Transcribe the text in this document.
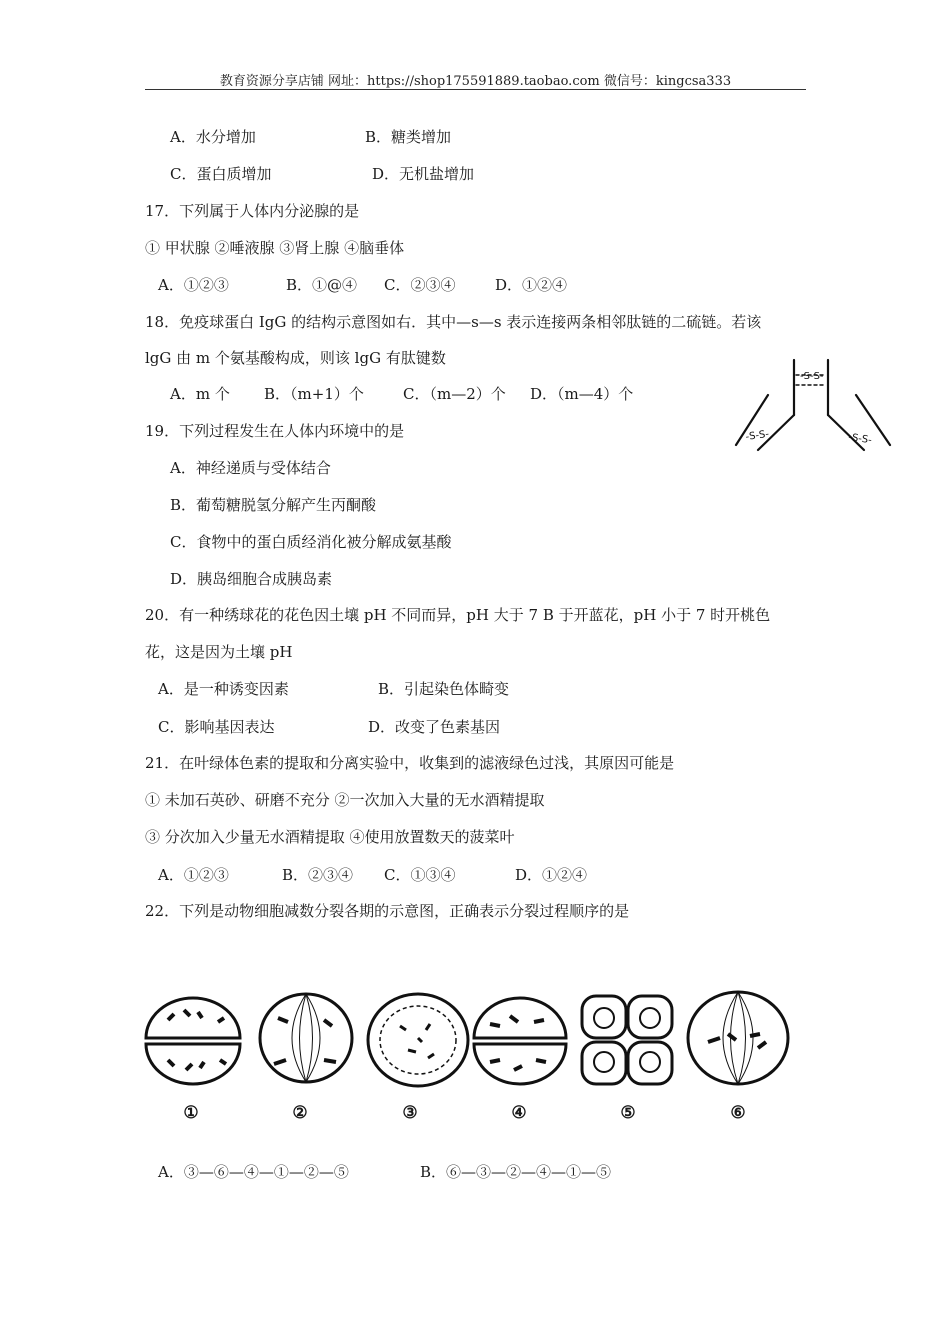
教育资源分享店铺 网址：https://shop175591889.taobao.com 微信号：kingcsa333
A．水分增加	B．糖类增加
C．蛋白质增加	D．无机盐增加
17．下列属于人体内分泌腺的是
① 甲状腺 ②唾液腺 ③肾上腺 ④脑垂体
A．①②③	B．①@④ C．②③④	D．①②④
18．免疫球蛋白 IgG 的结构示意图如右．其中—s—s 表示连接两条相邻肽链的二硫链。若该
lgG 由 m 个氨基酸构成，则该 lgG 有肽键数
A．m 个 B．（m+1）个	C．（m—2）个 D．（m—4）个
-S-S-
-S-S-	-S-S-
19．下列过程发生在人体内环境中的是
A．神经递质与受体结合
B．葡萄糖脱氢分解产生丙酮酸
C．食物中的蛋白质经消化被分解成氨基酸
D．胰岛细胞合成胰岛素
20．有一种绣球花的花色因土壤 pH 不同而异，pH 大于 7 B 于开蓝花，pH 小于 7 时开桃色
花，这是因为土壤 pH
A．是一种诱变因素	B．引起染色体畸变
C．影响基因表达	D．改变了色素基因
21．在叶绿体色素的提取和分离实验中，收集到的滤液绿色过浅，其原因可能是
① 未加石英砂、研磨不充分 ②一次加入大量的无水酒精提取
③ 分次加入少量无水酒精提取 ④使用放置数天的菠菜叶
A．①②③	B．②③④ C．①③④	D．①②④
22．下列是动物细胞减数分裂各期的示意图，正确表示分裂过程顺序的是
①	②	③	④	⑤	⑥
A．③—⑥—④—①—②—⑤	B．⑥—③—②—④—①—⑤
